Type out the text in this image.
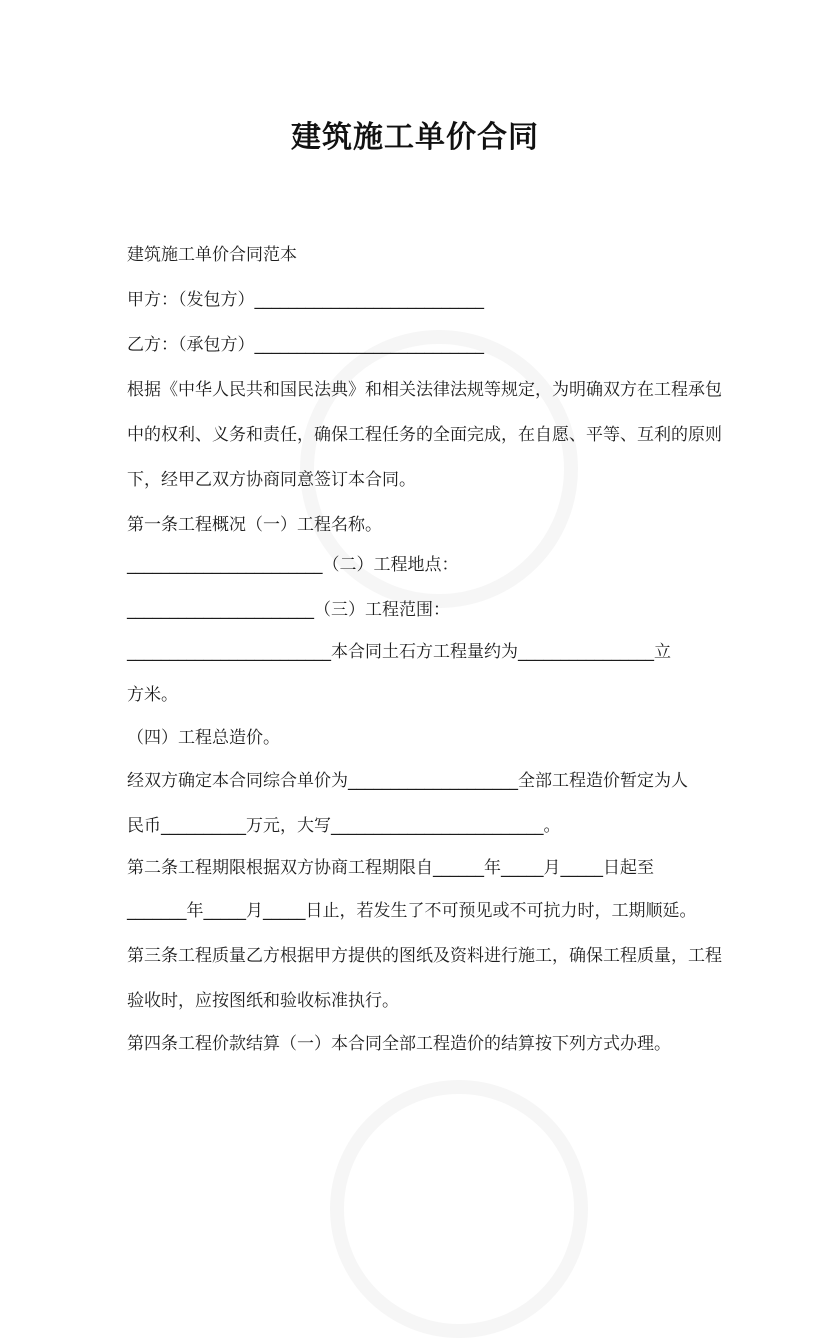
建筑施工单价合同
建筑施工单价合同范本
甲方：（发包方）___________________________
乙方：（承包方）___________________________
根据《中华人民共和国民法典》和相关法律法规等规定，为明确双方在工程承包
中的权利、义务和责任，确保工程任务的全面完成，在自愿、平等、互利的原则
下，经甲乙双方协商同意签订本合同。
第一条工程概况（一）工程名称。
_______________________（二）工程地点：
______________________（三）工程范围：
________________________本合同土石方工程量约为________________立
方米。
（四）工程总造价。
经双方确定本合同综合单价为____________________全部工程造价暂定为人
民币__________万元，大写_________________________。
第二条工程期限根据双方协商工程期限自______年_____月_____日起至
_______年_____月_____日止，若发生了不可预见或不可抗力时，工期顺延。
第三条工程质量乙方根据甲方提供的图纸及资料进行施工，确保工程质量，工程
验收时，应按图纸和验收标准执行。
第四条工程价款结算（一）本合同全部工程造价的结算按下列方式办理。
